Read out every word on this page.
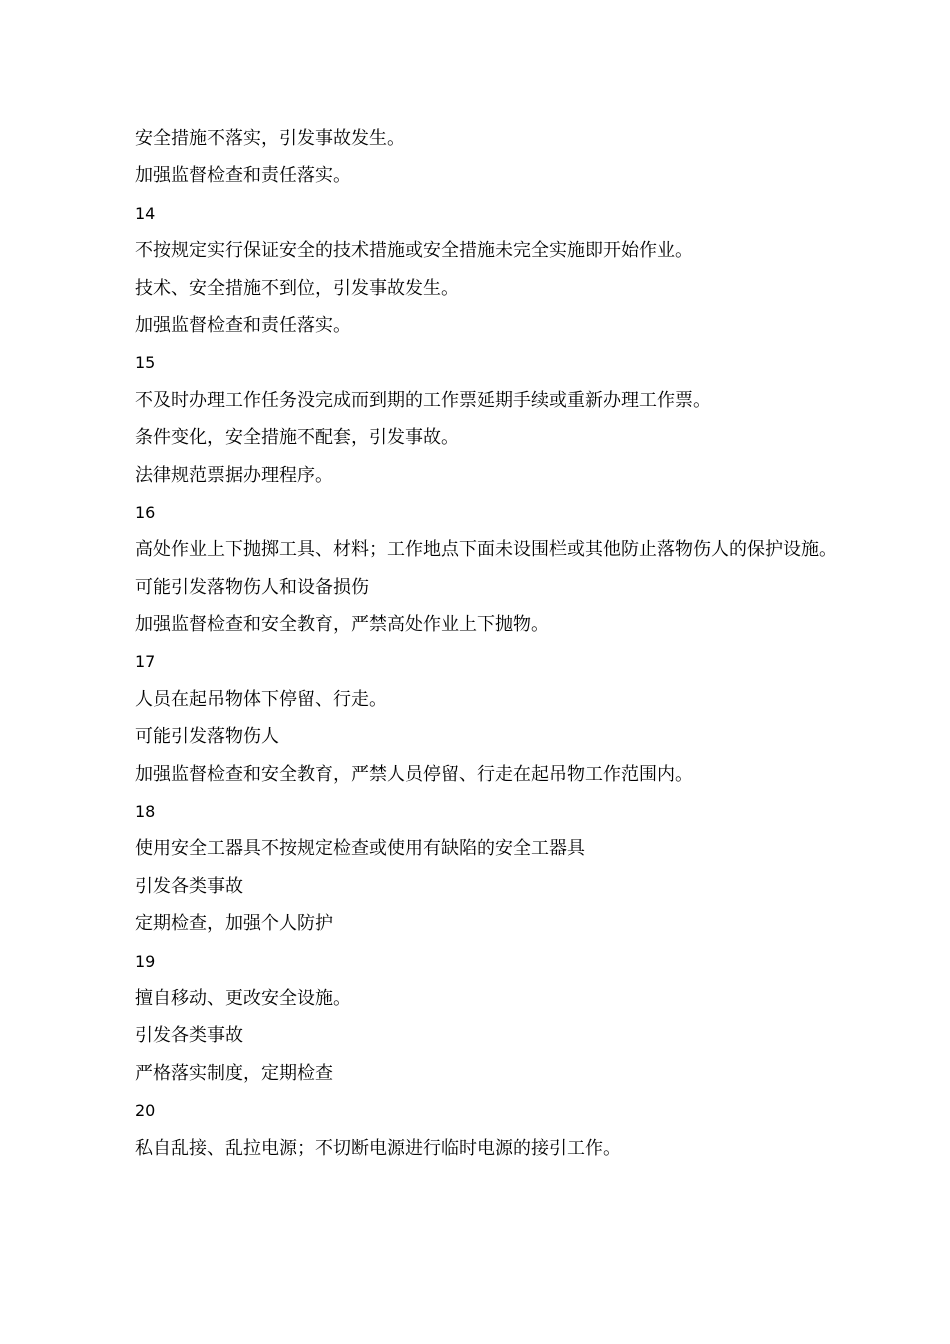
安全措施不落实，引发事故发生。
加强监督检查和责任落实。
14
不按规定实行保证安全的技术措施或安全措施未完全实施即开始作业。
技术、安全措施不到位，引发事故发生。
加强监督检查和责任落实。
15
不及时办理工作任务没完成而到期的工作票延期手续或重新办理工作票。
条件变化，安全措施不配套，引发事故。
法律规范票据办理程序。
16
高处作业上下抛掷工具、材料；工作地点下面未设围栏或其他防止落物伤人的保护设施。
可能引发落物伤人和设备损伤
加强监督检查和安全教育，严禁高处作业上下抛物。
17
人员在起吊物体下停留、行走。
可能引发落物伤人
加强监督检查和安全教育，严禁人员停留、行走在起吊物工作范围内。
18
使用安全工器具不按规定检查或使用有缺陷的安全工器具
引发各类事故
定期检查，加强个人防护
19
擅自移动、更改安全设施。
引发各类事故
严格落实制度，定期检查
20
私自乱接、乱拉电源；不切断电源进行临时电源的接引工作。
